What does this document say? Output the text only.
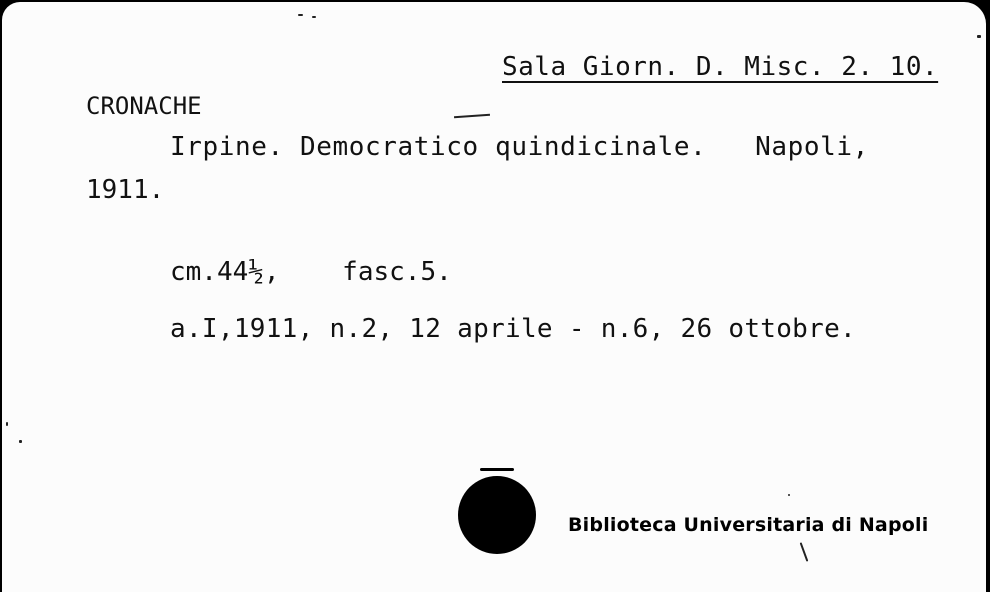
Sala Giorn. D. Misc. 2. 10.

CRONACHE

Irpine. Democratico quindicinale.   Napoli,

1911.

cm.44½,    fasc.5.

a.I,1911, n.2, 12 aprile - n.6, 26 ottobre.

Biblioteca Universitaria di Napoli
